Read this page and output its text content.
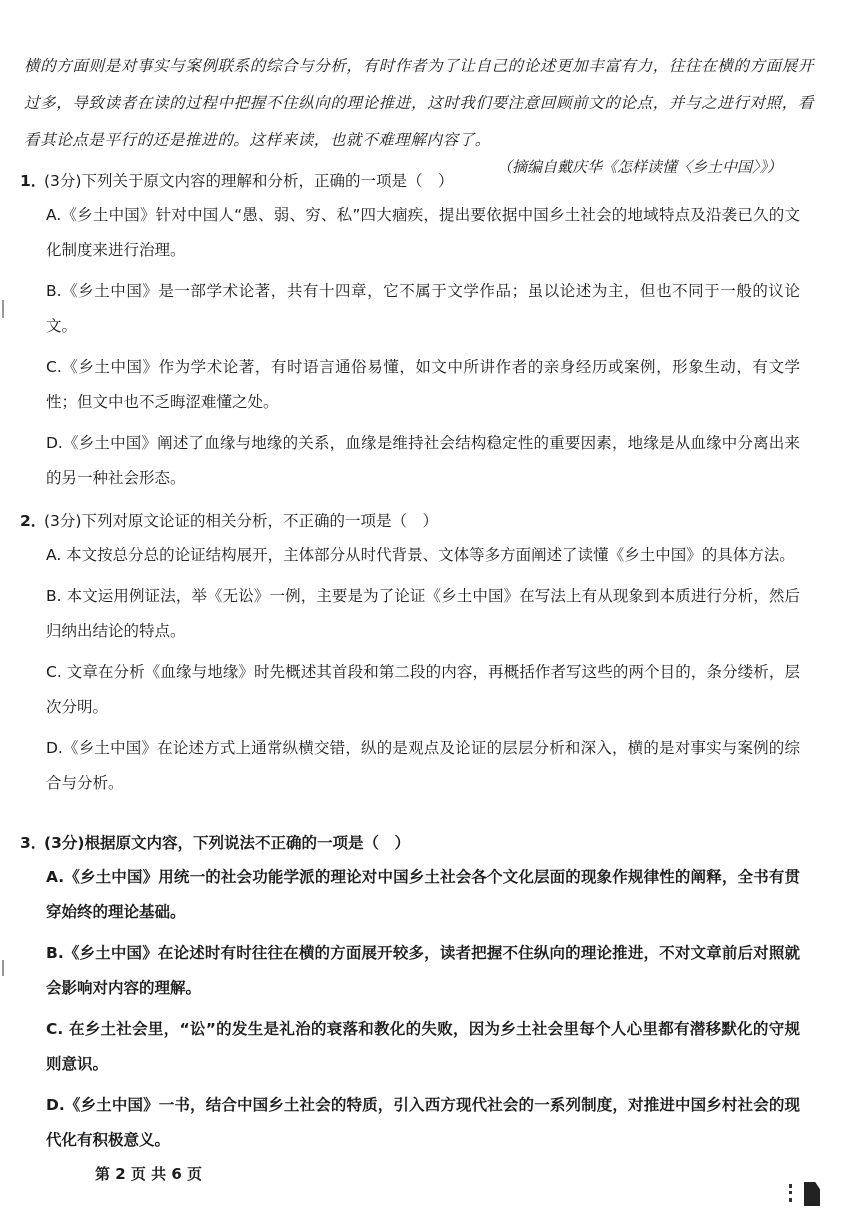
横的方面则是对事实与案例联系的综合与分析，有时作者为了让自己的论述更加丰富有力，往往在横的方面展开过多，导致读者在读的过程中把握不住纵向的理论推进，这时我们要注意回顾前文的论点，并与之进行对照，看看其论点是平行的还是推进的。这样来读，也就不难理解内容了。
（摘编自戴庆华《怎样读懂〈乡土中国〉》）
1．(3分)下列关于原文内容的理解和分析，正确的一项是（　）
A.《乡土中国》针对中国人“愚、弱、穷、私”四大痼疾，提出要依据中国乡土社会的地域特点及沿袭已久的文化制度来进行治理。
B.《乡土中国》是一部学术论著，共有十四章，它不属于文学作品；虽以论述为主，但也不同于一般的议论文。
C.《乡土中国》作为学术论著，有时语言通俗易懂，如文中所讲作者的亲身经历或案例，形象生动，有文学性；但文中也不乏晦涩难懂之处。
D.《乡土中国》阐述了血缘与地缘的关系，血缘是维持社会结构稳定性的重要因素，地缘是从血缘中分离出来的另一种社会形态。
2．(3分)下列对原文论证的相关分析，不正确的一项是（　）
A. 本文按总分总的论证结构展开，主体部分从时代背景、文体等多方面阐述了读懂《乡土中国》的具体方法。
B. 本文运用例证法，举《无讼》一例，主要是为了论证《乡土中国》在写法上有从现象到本质进行分析，然后归纳出结论的特点。
C. 文章在分析《血缘与地缘》时先概述其首段和第二段的内容，再概括作者写这些的两个目的，条分缕析，层次分明。
D.《乡土中国》在论述方式上通常纵横交错，纵的是观点及论证的层层分析和深入，横的是对事实与案例的综合与分析。
3．(3分)根据原文内容，下列说法不正确的一项是（　）
A.《乡土中国》用统一的社会功能学派的理论对中国乡土社会各个文化层面的现象作规律性的阐释，全书有贯穿始终的理论基础。
B.《乡土中国》在论述时有时往往在横的方面展开较多，读者把握不住纵向的理论推进，不对文章前后对照就会影响对内容的理解。
C. 在乡土社会里，“讼”的发生是礼治的衰落和教化的失败，因为乡土社会里每个人心里都有潜移默化的守规则意识。
D.《乡土中国》一书，结合中国乡土社会的特质，引入西方现代社会的一系列制度，对推进中国乡村社会的现代化有积极意义。
第 2 页 共 6 页
